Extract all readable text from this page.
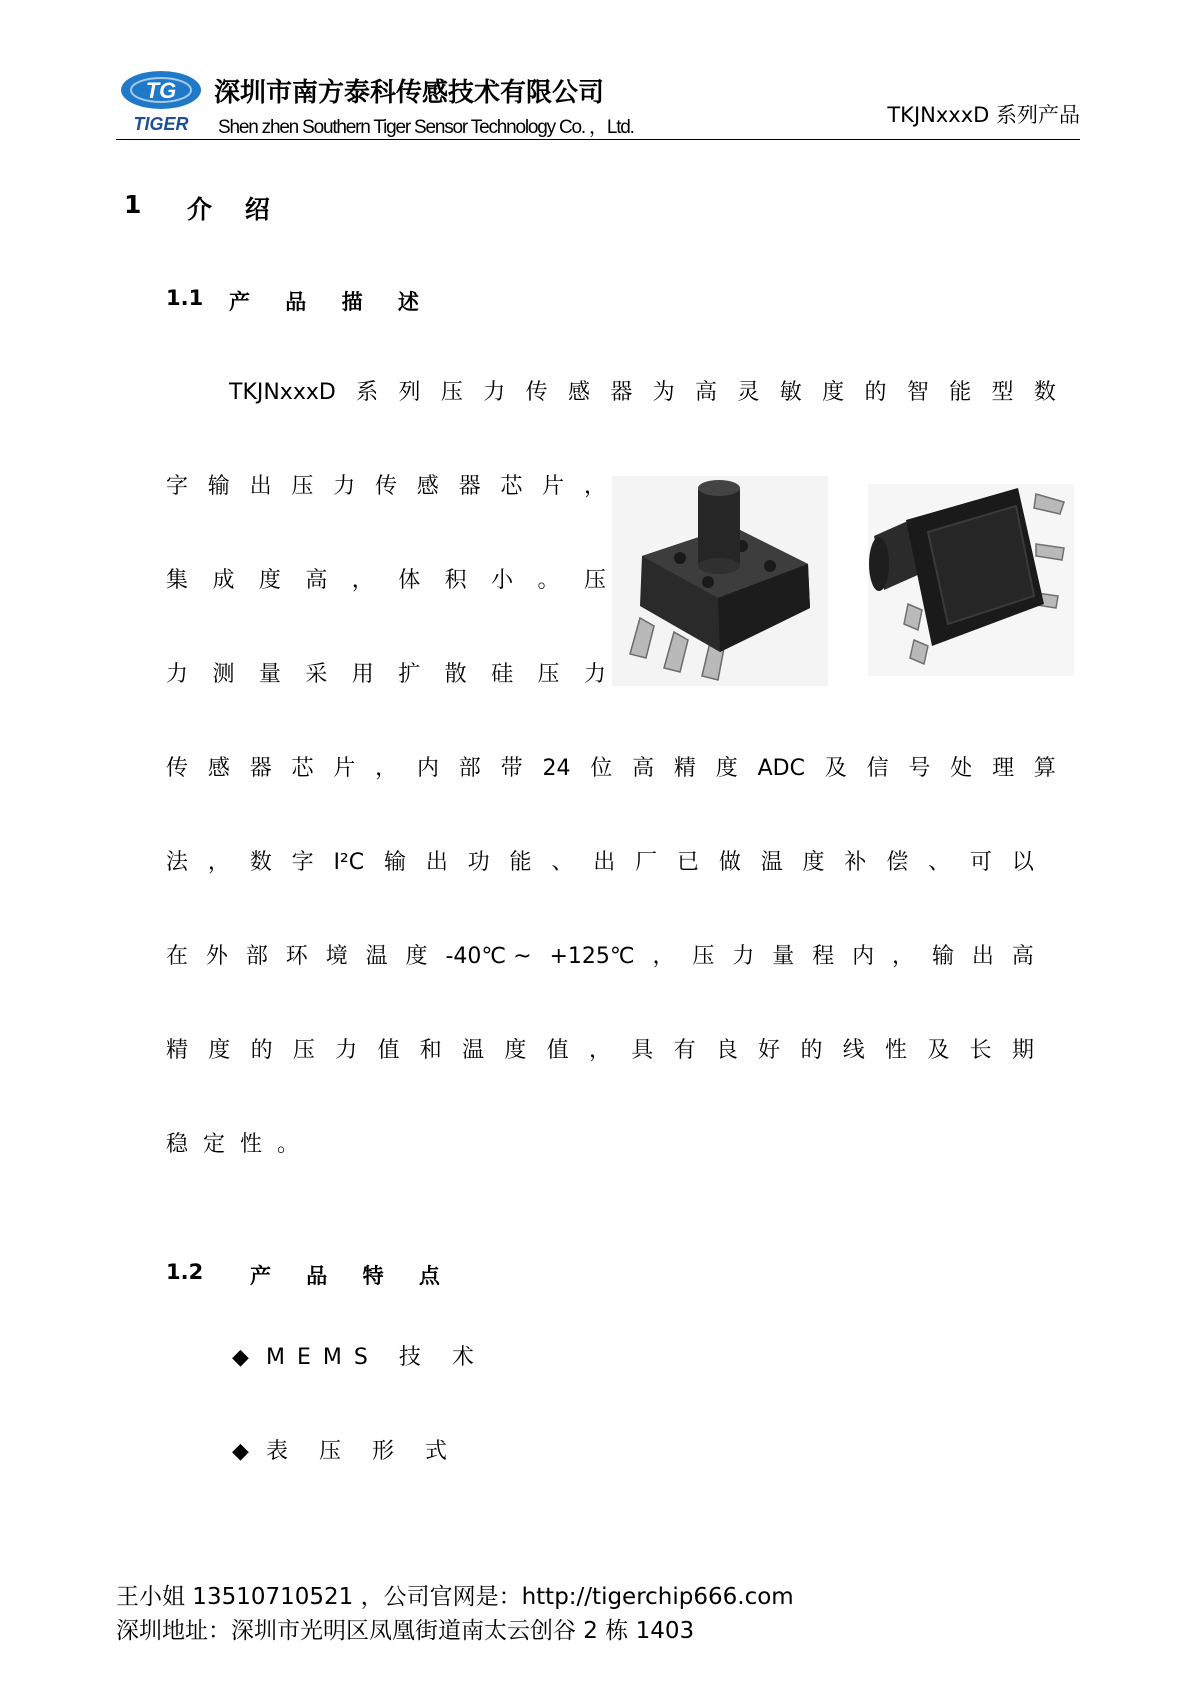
TG
TIGER
深圳市南方泰科传感技术有限公司
Shen zhen Southern Tiger Sensor Technology Co. ，Ltd.
TKJNxxxD 系列产品
1 介 绍
1.1 产 品 描 述
TKJNxxxD 系 列 压 力 传 感 器 为 高 灵 敏 度 的 智 能 型 数
字 输 出 压 力 传 感 器 芯 片 ，
集 成 度 高 ， 体 积 小 。 压
力 测 量 采 用 扩 散 硅 压 力
传 感 器 芯 片 ， 内 部 带 24 位 高 精 度 ADC 及 信 号 处 理 算
法 ， 数 字 I²C 输 出 功 能 、 出 厂 已 做 温 度 补 偿 、 可 以
在 外 部 环 境 温 度 -40℃ ~ +125℃ ， 压 力 量 程 内 ， 输 出 高
精 度 的 压 力 值 和 温 度 值 ， 具 有 良 好 的 线 性 及 长 期
稳定性。
1.2 产 品 特 点
◆ MEMS 技 术
◆ 表 压 形 式
王小姐 13510710521 ，公司官网是：http://tigerchip666.com
深圳地址：深圳市光明区凤凰街道南太云创谷 2 栋 1403
